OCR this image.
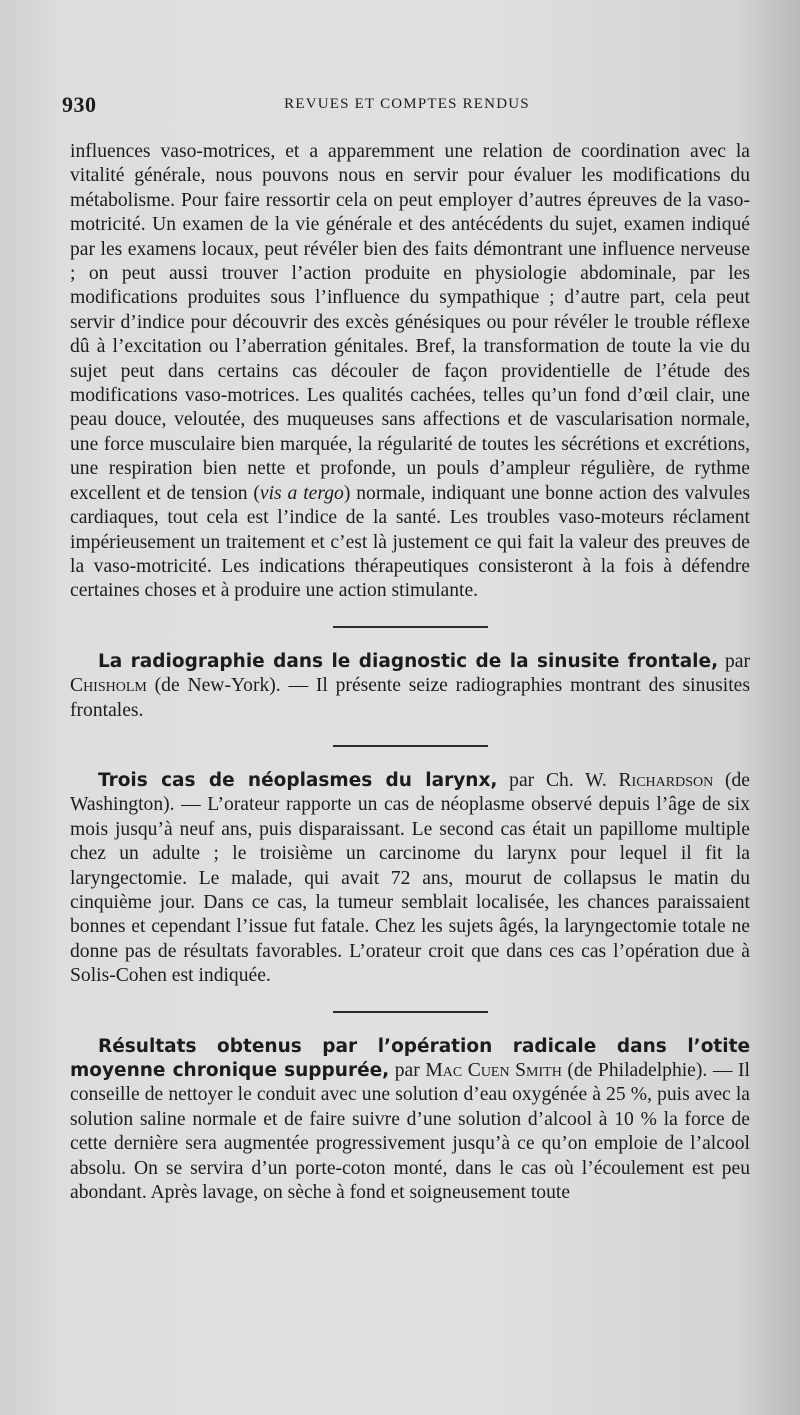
930	REVUES ET COMPTES RENDUS

influences vaso-motrices, et a apparemment une relation de coordination avec la vitalité générale, nous pouvons nous en servir pour évaluer les modifications du métabolisme. Pour faire ressortir cela on peut employer d’autres épreuves de la vaso-motricité. Un examen de la vie générale et des antécédents du sujet, examen indiqué par les examens locaux, peut révéler bien des faits démontrant une influence nerveuse ; on peut aussi trouver l’action produite en physiologie abdominale, par les modifications produites sous l’influence du sympathique ; d’autre part, cela peut servir d’indice pour découvrir des excès génésiques ou pour révéler le trouble réflexe dû à l’excitation ou l’aberration génitales. Bref, la transformation de toute la vie du sujet peut dans certains cas découler de façon providentielle de l’étude des modifications vaso-motrices. Les qualités cachées, telles qu’un fond d’œil clair, une peau douce, veloutée, des muqueuses sans affections et de vascularisation normale, une force musculaire bien marquée, la régularité de toutes les sécrétions et excrétions, une respiration bien nette et profonde, un pouls d’ampleur régulière, de rythme excellent et de tension (vis a tergo) normale, indiquant une bonne action des valvules cardiaques, tout cela est l’indice de la santé. Les troubles vaso-moteurs réclament impérieusement un traitement et c’est là justement ce qui fait la valeur des preuves de la vaso-motricité. Les indications thérapeutiques consisteront à la fois à défendre certaines choses et à produire une action stimulante.

La radiographie dans le diagnostic de la sinusite frontale, par Chisholm (de New-York). — Il présente seize radiographies montrant des sinusites frontales.

Trois cas de néoplasmes du larynx, par Ch. W. Richardson (de Washington). — L’orateur rapporte un cas de néoplasme observé depuis l’âge de six mois jusqu’à neuf ans, puis disparaissant. Le second cas était un papillome multiple chez un adulte ; le troisième un carcinome du larynx pour lequel il fit la laryngectomie. Le malade, qui avait 72 ans, mourut de collapsus le matin du cinquième jour. Dans ce cas, la tumeur semblait localisée, les chances paraissaient bonnes et cependant l’issue fut fatale. Chez les sujets âgés, la laryngectomie totale ne donne pas de résultats favorables. L’orateur croit que dans ces cas l’opération due à Solis-Cohen est indiquée.

Résultats obtenus par l’opération radicale dans l’otite moyenne chronique suppurée, par Mac Cuen Smith (de Philadelphie). — Il conseille de nettoyer le conduit avec une solution d’eau oxygénée à 25 %, puis avec la solution saline normale et de faire suivre d’une solution d’alcool à 10 % la force de cette dernière sera augmentée progressivement jusqu’à ce qu’on emploie de l’alcool absolu. On se servira d’un porte-coton monté, dans le cas où l’écoulement est peu abondant. Après lavage, on sèche à fond et soigneusement toute
